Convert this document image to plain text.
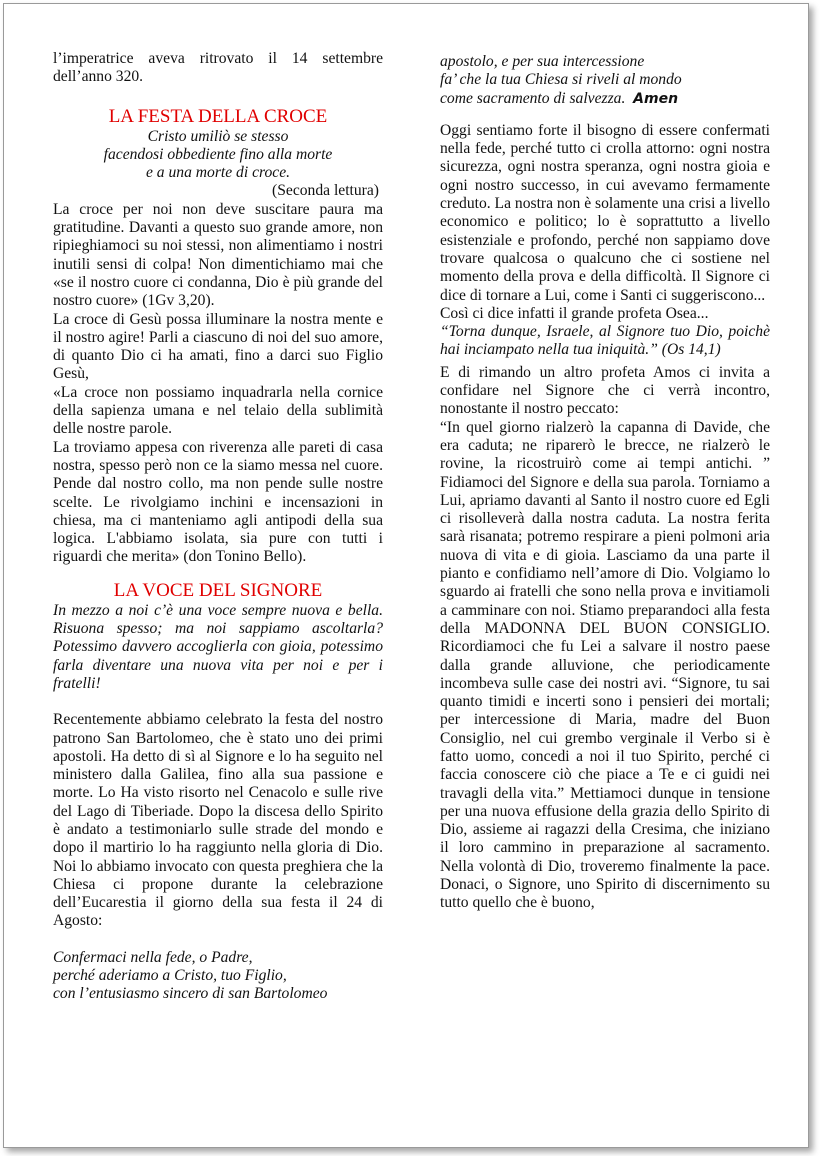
l’imperatrice aveva ritrovato il 14 settembre dell’anno 320.

LA FESTA DELLA CROCE

Cristo umiliò se stesso

facendosi obbediente fino alla morte

e a una morte di croce.

(Seconda lettura)

La croce per noi non deve suscitare paura ma gratitudine. Davanti a questo suo grande amore, non ripieghiamoci su noi stessi, non alimentiamo i nostri inutili sensi di colpa! Non dimentichiamo mai che «se il nostro cuore ci condanna, Dio è più grande del nostro cuore» (1Gv 3,20).

La croce di Gesù possa illuminare la nostra mente e il nostro agire! Parli a ciascuno di noi del suo amore, di quanto Dio ci ha amati, fino a darci suo Figlio Gesù,

«La croce non possiamo inquadrarla nella cornice della sapienza umana e nel telaio della sublimità delle nostre parole.

La troviamo appesa con riverenza alle pareti di casa nostra, spesso però non ce la siamo messa nel cuore. Pende dal nostro collo, ma non pende sulle nostre scelte. Le rivolgiamo inchini e incensazioni in chiesa, ma ci manteniamo agli antipodi della sua logica. L'abbiamo isolata, sia pure con tutti i riguardi che merita» (don Tonino Bello).

LA VOCE DEL SIGNORE

In mezzo a noi c’è una voce sempre nuova e bella. Risuona spesso; ma noi sappiamo ascoltarla? Potessimo davvero accoglierla con gioia, potessimo farla diventare una nuova vita per noi e per i fratelli!

Recentemente abbiamo celebrato la festa del nostro patrono San Bartolomeo, che è stato uno dei primi apostoli. Ha detto di sì al Signore e lo ha seguito nel ministero dalla Galilea, fino alla sua passione e morte. Lo Ha visto risorto nel Cenacolo e sulle rive del Lago di Tiberiade. Dopo la discesa dello Spirito è andato a testimoniarlo sulle strade del mondo e dopo il martirio lo ha raggiunto nella gloria di Dio. Noi lo abbiamo invocato con questa preghiera che la Chiesa ci propone durante la celebrazione dell’Eucarestia il giorno della sua festa il 24 di Agosto:

Confermaci nella fede, o Padre,

perché aderiamo a Cristo, tuo Figlio,

con l’entusiasmo sincero di san Bartolomeo

apostolo, e per sua intercessione

fa’ che la tua Chiesa si riveli al mondo

come sacramento di salvezza. Amen

Oggi sentiamo forte il bisogno di essere confermati nella fede, perché tutto ci crolla attorno: ogni nostra sicurezza, ogni nostra speranza, ogni nostra gioia e ogni nostro successo, in cui avevamo fermamente creduto. La nostra non è solamente una crisi a livello economico e politico; lo è soprattutto a livello esistenziale e profondo, perché non sappiamo dove trovare qualcosa o qualcuno che ci sostiene nel momento della prova e della difficoltà. Il Signore ci dice di tornare a Lui, come i Santi ci suggeriscono...

Così ci dice infatti il grande profeta Osea...

“Torna dunque, Israele, al Signore tuo Dio, poichè hai inciampato nella tua iniquità.” (Os 14,1)

E di rimando un altro profeta Amos ci invita a confidare nel Signore che ci verrà incontro, nonostante il nostro peccato:

“In quel giorno rialzerò la capanna di Davide, che era caduta; ne riparerò le brecce, ne rialzerò le rovine, la ricostruirò come ai tempi antichi. ” Fidiamoci del Signore e della sua parola. Torniamo a Lui, apriamo davanti al Santo il nostro cuore ed Egli ci risolleverà dalla nostra caduta. La nostra ferita sarà risanata; potremo respirare a pieni polmoni aria nuova di vita e di gioia. Lasciamo da una parte il pianto e confidiamo nell’amore di Dio. Volgiamo lo sguardo ai fratelli che sono nella prova e invitiamoli a camminare con noi. Stiamo preparandoci alla festa della MADONNA DEL BUON CONSIGLIO. Ricordiamoci che fu Lei a salvare il nostro paese dalla grande alluvione, che periodicamente incombeva sulle case dei nostri avi. “Signore, tu sai quanto timidi e incerti sono i pensieri dei mortali; per intercessione di Maria, madre del Buon Consiglio, nel cui grembo verginale il Verbo si è fatto uomo, concedi a noi il tuo Spirito, perché ci faccia conoscere ciò che piace a Te e ci guidi nei travagli della vita.” Mettiamoci dunque in tensione per una nuova effusione della grazia dello Spirito di Dio, assieme ai ragazzi della Cresima, che iniziano il loro cammino in preparazione al sacramento. Nella volontà di Dio, troveremo finalmente la pace. Donaci, o Signore, uno Spirito di discernimento su tutto quello che è buono,
